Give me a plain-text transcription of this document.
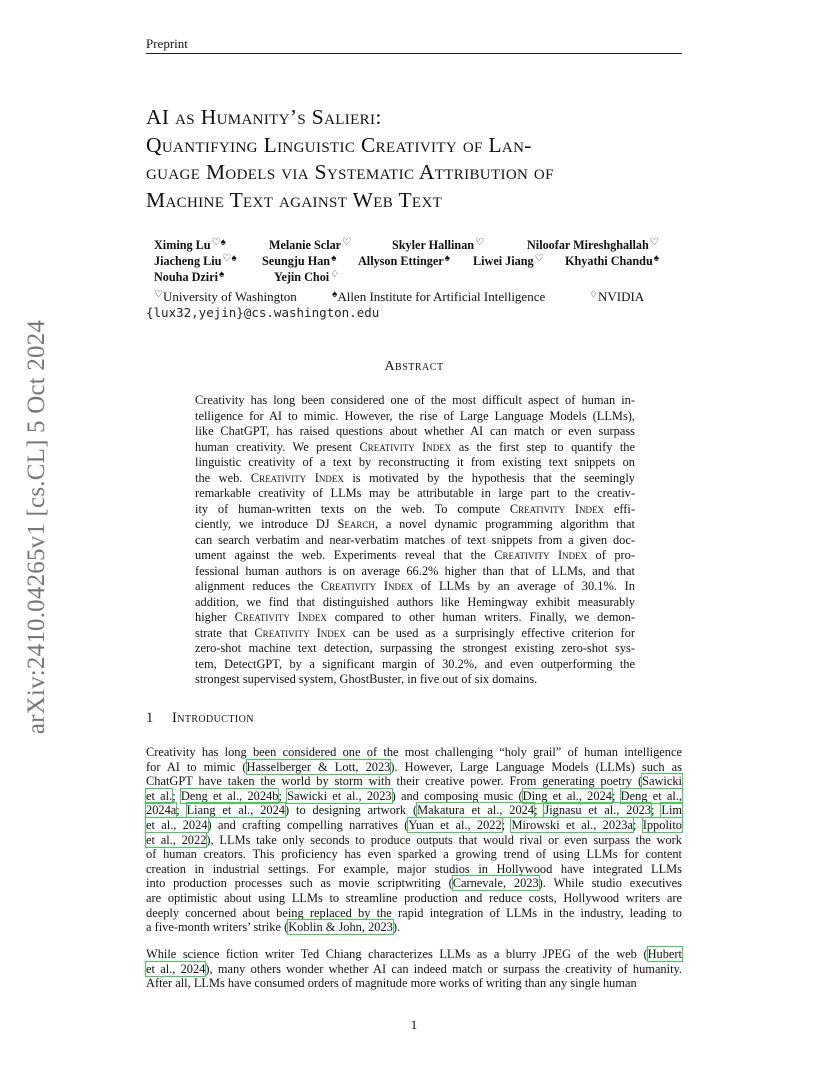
arXiv:2410.04265v1 [cs.CL] 5 Oct 2024
Preprint
AI as Humanity’s Salieri:
Quantifying Linguistic Creativity of Lan-
guage Models via Systematic Attribution of
Machine Text against Web Text
Ximing Lu♡♠	Melanie Sclar♡	Skyler Hallinan♡	Niloofar Mireshghallah♡
Jiacheng Liu♡♠ Seungju Han♠ Allyson Ettinger♠ Liwei Jiang♡ Khyathi Chandu♠
Nouha Dziri♠	Yejin Choi♢
♡University of Washington	♠Allen Institute for Artificial Intelligence	♢NVIDIA
{lux32,yejin}@cs.washington.edu
Abstract
Creativity has long been considered one of the most difficult aspect of human in-
telligence for AI to mimic. However, the rise of Large Language Models (LLMs),
like ChatGPT, has raised questions about whether AI can match or even surpass
human creativity. We present Creativity Index as the first step to quantify the
linguistic creativity of a text by reconstructing it from existing text snippets on
the web. Creativity Index is motivated by the hypothesis that the seemingly
remarkable creativity of LLMs may be attributable in large part to the creativ-
ity of human-written texts on the web. To compute Creativity Index effi-
ciently, we introduce DJ Search, a novel dynamic programming algorithm that
can search verbatim and near-verbatim matches of text snippets from a given doc-
ument against the web. Experiments reveal that the Creativity Index of pro-
fessional human authors is on average 66.2% higher than that of LLMs, and that
alignment reduces the Creativity Index of LLMs by an average of 30.1%. In
addition, we find that distinguished authors like Hemingway exhibit measurably
higher Creativity Index compared to other human writers. Finally, we demon-
strate that Creativity Index can be used as a surprisingly effective criterion for
zero-shot machine text detection, surpassing the strongest existing zero-shot sys-
tem, DetectGPT, by a significant margin of 30.2%, and even outperforming the
strongest supervised system, GhostBuster, in five out of six domains.
1 Introduction
Creativity has long been considered one of the most challenging “holy grail” of human intelligence
for AI to mimic (Hasselberger & Lott, 2023). However, Large Language Models (LLMs) such as
ChatGPT have taken the world by storm with their creative power. From generating poetry (Sawicki
et al.; Deng et al., 2024b; Sawicki et al., 2023) and composing music (Ding et al., 2024; Deng et al.,
2024a; Liang et al., 2024) to designing artwork (Makatura et al., 2024; Jignasu et al., 2023; Lim
et al., 2024) and crafting compelling narratives (Yuan et al., 2022; Mirowski et al., 2023a; Ippolito
et al., 2022), LLMs take only seconds to produce outputs that would rival or even surpass the work
of human creators. This proficiency has even sparked a growing trend of using LLMs for content
creation in industrial settings. For example, major studios in Hollywood have integrated LLMs
into production processes such as movie scriptwriting (Carnevale, 2023). While studio executives
are optimistic about using LLMs to streamline production and reduce costs, Hollywood writers are
deeply concerned about being replaced by the rapid integration of LLMs in the industry, leading to
a five-month writers’ strike (Koblin & John, 2023).
While science fiction writer Ted Chiang characterizes LLMs as a blurry JPEG of the web (Hubert
et al., 2024), many others wonder whether AI can indeed match or surpass the creativity of humanity.
After all, LLMs have consumed orders of magnitude more works of writing than any single human
1
